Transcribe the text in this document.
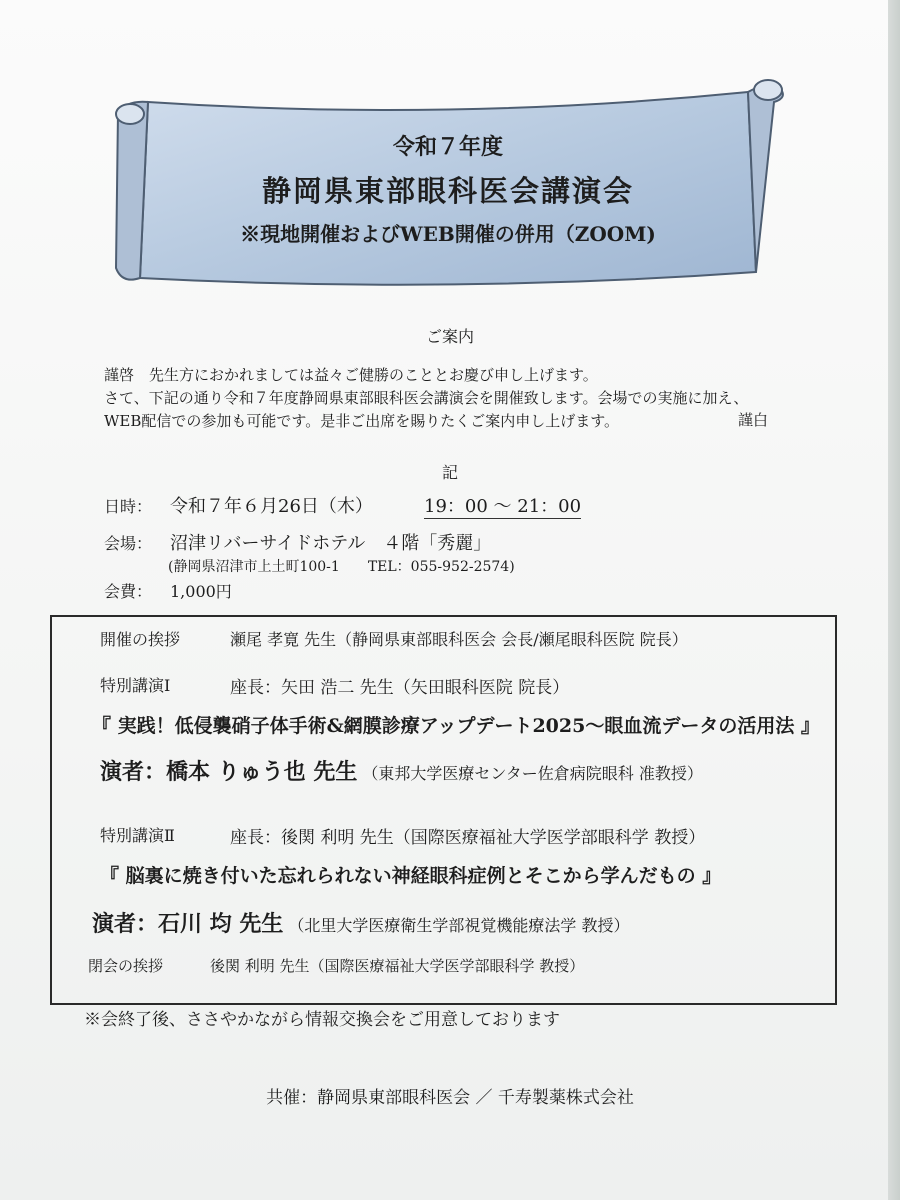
令和７年度
静岡県東部眼科医会講演会
※現地開催およびWEB開催の併用（ZOOM)
ご案内

謹啓　先生方におかれましては益々ご健勝のこととお慶び申し上げます。

さて、下記の通り令和７年度静岡県東部眼科医会講演会を開催致します。会場での実施に加え、

WEB配信での参加も可能です。是非ご出席を賜りたくご案内申し上げます。	謹白
記
日時： 令和７年６月26日（木）	19：00 ～ 21：00
会場： 沼津リバーサイドホテル　４階「秀麗」
(静岡県沼津市上土町100-1　　TEL：055-952-2574)
会費： 1,000円
開催の挨拶	瀬尾 孝寛 先生（静岡県東部眼科医会 会長/瀬尾眼科医院 院長）
特別講演Ⅰ	座長：矢田 浩二 先生（矢田眼科医院 院長）
『 実践！低侵襲硝子体手術&網膜診療アップデート2025～眼血流データの活用法 』
演者：橋本 りゅう也 先生 （東邦大学医療センター佐倉病院眼科 准教授）
特別講演Ⅱ	座長：後関 利明 先生（国際医療福祉大学医学部眼科学 教授）
『 脳裏に焼き付いた忘れられない神経眼科症例とそこから学んだもの 』
演者：石川 均 先生 （北里大学医療衛生学部視覚機能療法学 教授）
閉会の挨拶	後関 利明 先生（国際医療福祉大学医学部眼科学 教授）
※会終了後、ささやかながら情報交換会をご用意しております
共催：静岡県東部眼科医会 ／ 千寿製薬株式会社
